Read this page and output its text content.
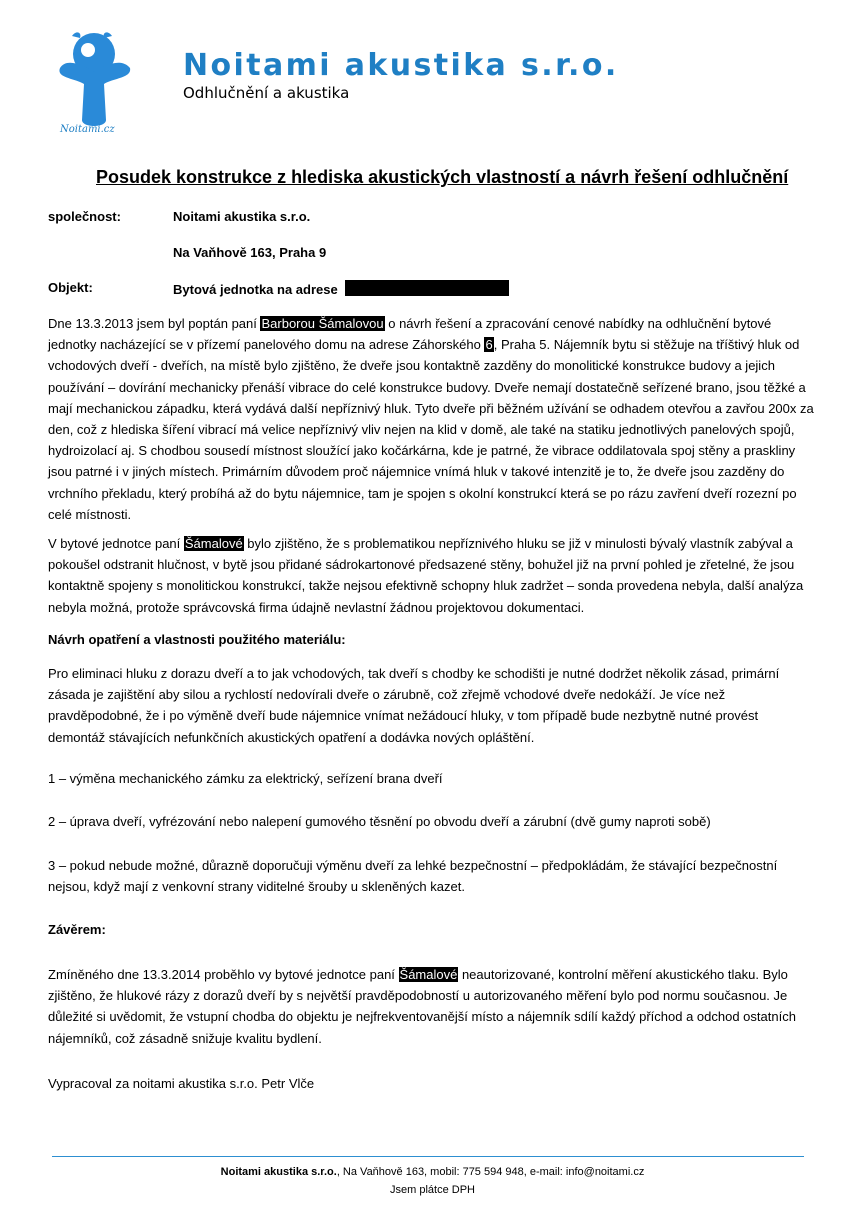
Noitami.cz
Noitami akustika s.r.o.
Odhlučnění a akustika
Posudek konstrukce z hlediska akustických vlastností a návrh řešení odhlučnění
společnost:	Noitami akustika s.r.o.
Na Vaňhově 163, Praha 9
Objekt:	Bytová jednotka na adrese

Dne 13.3.2013 jsem byl poptán paní Barborou Šámalovou o návrh řešení a zpracování cenové nabídky na odhlučnění bytové jednotky nacházející se v přízemí panelového domu na adrese Záhorského 6, Praha 5. Nájemník bytu si stěžuje na tříštivý hluk od vchodových dveří - dveřích, na místě bylo zjištěno, že dveře jsou kontaktně zazděny do monolitické konstrukce budovy a jejich používání – dovírání mechanicky přenáší vibrace do celé konstrukce budovy. Dveře nemají dostatečně seřízené brano, jsou těžké a mají mechanickou západku, která vydává další nepříznivý hluk. Tyto dveře při běžném užívání se odhadem otevřou a zavřou 200x za den, což z hlediska šíření vibrací má velice nepříznivý vliv nejen na klid v domě, ale také na statiku jednotlivých panelových spojů, hydroizolací aj. S chodbou sousedí místnost sloužící jako kočárkárna, kde je patrné, že vibrace oddilatovala spoj stěny a praskliny jsou patrné i v jiných místech. Primárním důvodem proč nájemnice vnímá hluk v takové intenzitě je to, že dveře jsou zazděny do vrchního překladu, který probíhá až do bytu nájemnice, tam je spojen s okolní konstrukcí která se po rázu zavření dveří rozezní po celé místnosti.

V bytové jednotce paní Šámalové bylo zjištěno, že s problematikou nepříznivého hluku se již v minulosti bývalý vlastník zabýval a pokoušel odstranit hlučnost, v bytě jsou přidané sádrokartonové předsazené stěny, bohužel již na první pohled je zřetelné, že jsou kontaktně spojeny s monolitickou konstrukcí, takže nejsou efektivně schopny hluk zadržet – sonda provedena nebyla, další analýza nebyla možná, protože správcovská firma údajně nevlastní žádnou projektovou dokumentaci.

Návrh opatření a vlastnosti použitého materiálu:

Pro eliminaci hluku z dorazu dveří a to jak vchodových, tak dveří s chodby ke schodišti je nutné dodržet několik zásad, primární zásada je zajištění aby silou a rychlostí nedovírali dveře o zárubně, což zřejmě vchodové dveře nedokáží. Je více než pravděpodobné, že i po výměně dveří bude nájemnice vnímat nežádoucí hluky, v tom případě bude nezbytně nutné provést demontáž stávajících nefunkčních akustických opatření a dodávka nových opláštění.

1 – výměna mechanického zámku za elektrický, seřízení brana dveří
2 – úprava dveří, vyfrézování nebo nalepení gumového těsnění po obvodu dveří a zárubní (dvě gumy naproti sobě)
3 – pokud nebude možné, důrazně doporučuji výměnu dveří za lehké bezpečnostní – předpokládám, že stávající bezpečnostní nejsou, když mají z venkovní strany viditelné šrouby u skleněných kazet.
Závěrem:

Zmíněného dne 13.3.2014 proběhlo vy bytové jednotce paní Šámalové neautorizované, kontrolní měření akustického tlaku. Bylo zjištěno, že hlukové rázy z dorazů dveří by s největší pravděpodobností u autorizovaného měření bylo pod normu současnou. Je důležité si uvědomit, že vstupní chodba do objektu je nejfrekventovanější místo a nájemník sdílí každý příchod a odchod ostatních nájemníků, což zásadně snižuje kvalitu bydlení.

Vypracoval za noitami akustika s.r.o. Petr Vlče
Noitami akustika s.r.o., Na Vaňhově 163, mobil: 775 594 948, e-mail: info@noitami.cz
Jsem plátce DPH
